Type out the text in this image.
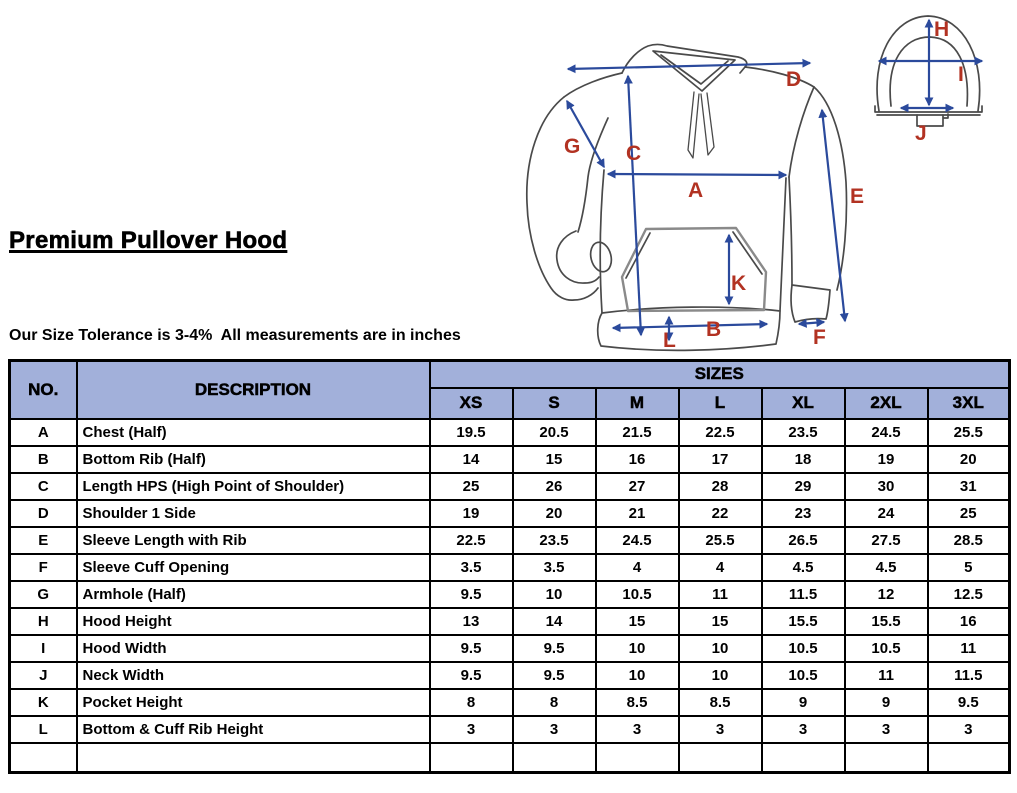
Premium Pullover Hood
Our Size Tolerance is 3-4%  All measurements are in inches
A
B
C
D
E
F
G
H
I
J
K
L
NO.	DESCRIPTION	SIZES						
		XS	S	M	L	XL	2XL	3XL
A	Chest (Half)	19.5	20.5	21.5	22.5	23.5	24.5	25.5
B	Bottom Rib (Half)	14	15	16	17	18	19	20
C	Length HPS (High Point of Shoulder)	25	26	27	28	29	30	31
D	Shoulder 1 Side	19	20	21	22	23	24	25
E	Sleeve Length with Rib	22.5	23.5	24.5	25.5	26.5	27.5	28.5
F	Sleeve Cuff Opening	3.5	3.5	4	4	4.5	4.5	5
G	Armhole (Half)	9.5	10	10.5	11	11.5	12	12.5
H	Hood Height	13	14	15	15	15.5	15.5	16
I	Hood Width	9.5	9.5	10	10	10.5	10.5	11
J	Neck Width	9.5	9.5	10	10	10.5	11	11.5
K	Pocket Height	8	8	8.5	8.5	9	9	9.5
L	Bottom & Cuff Rib Height	3	3	3	3	3	3	3
